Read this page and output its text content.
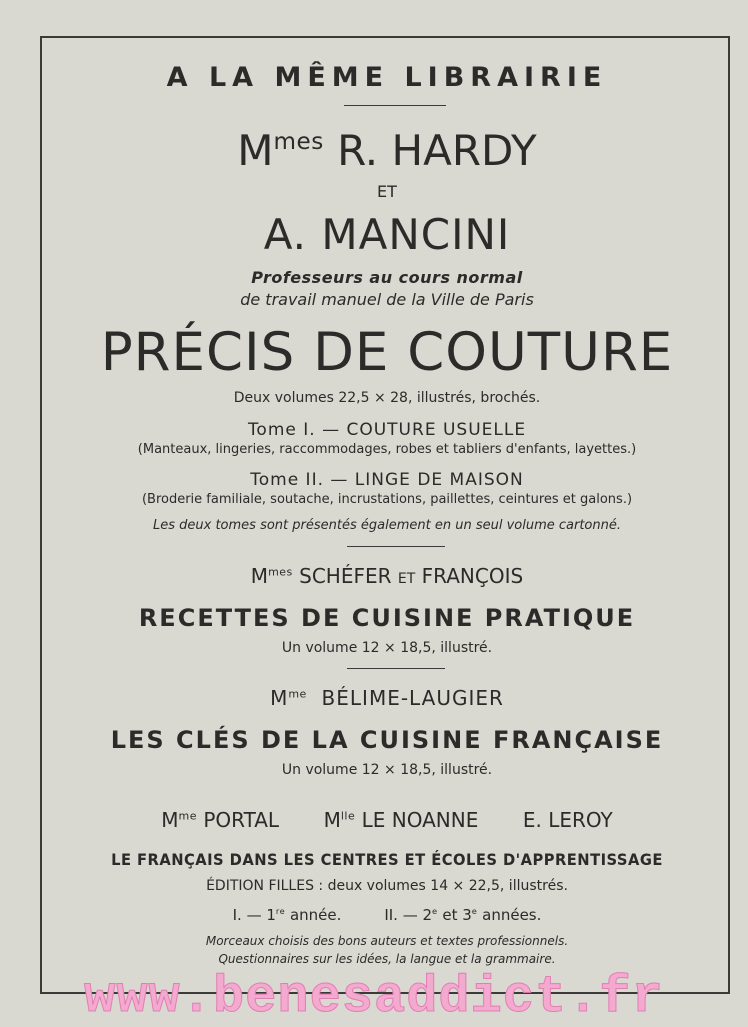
A LA MÊME LIBRAIRIE
$M^{mes}$ R. HARDY
ET
A. MANCINI
Professeurs au cours normal
de travail manuel de la Ville de Paris
PRÉCIS DE COUTURE
Deux volumes 22,5 × 28, illustrés, brochés.
Tome I. — COUTURE USUELLE
(Manteaux, lingeries, raccommodages, robes et tabliers d'enfants, layettes.)
Tome II. — LINGE DE MAISON
(Broderie familiale, soutache, incrustations, paillettes, ceintures et galons.)
Les deux tomes sont présentés également en un seul volume cartonné.
$M^{mes}$ SCHÉFER ET FRANÇOIS
RECETTES DE CUISINE PRATIQUE
Un volume 12 × 18,5, illustré.
$M^{me}$ BÉLIME-LAUGIER
LES CLÉS DE LA CUISINE FRANÇAISE
Un volume 12 × 18,5, illustré.
$M^{me}$ PORTAL $M^{lle}$ LE NOANNE E. LEROY
LE FRANÇAIS DANS LES CENTRES ET ÉCOLES D'APPRENTISSAGE
ÉDITION FILLES : deux volumes 14 × 22,5, illustrés.
I. — 1re année.	II. — 2e et 3e années.
Morceaux choisis des bons auteurs et textes professionnels.
Questionnaires sur les idées, la langue et la grammaire.
www.benesaddict.fr
